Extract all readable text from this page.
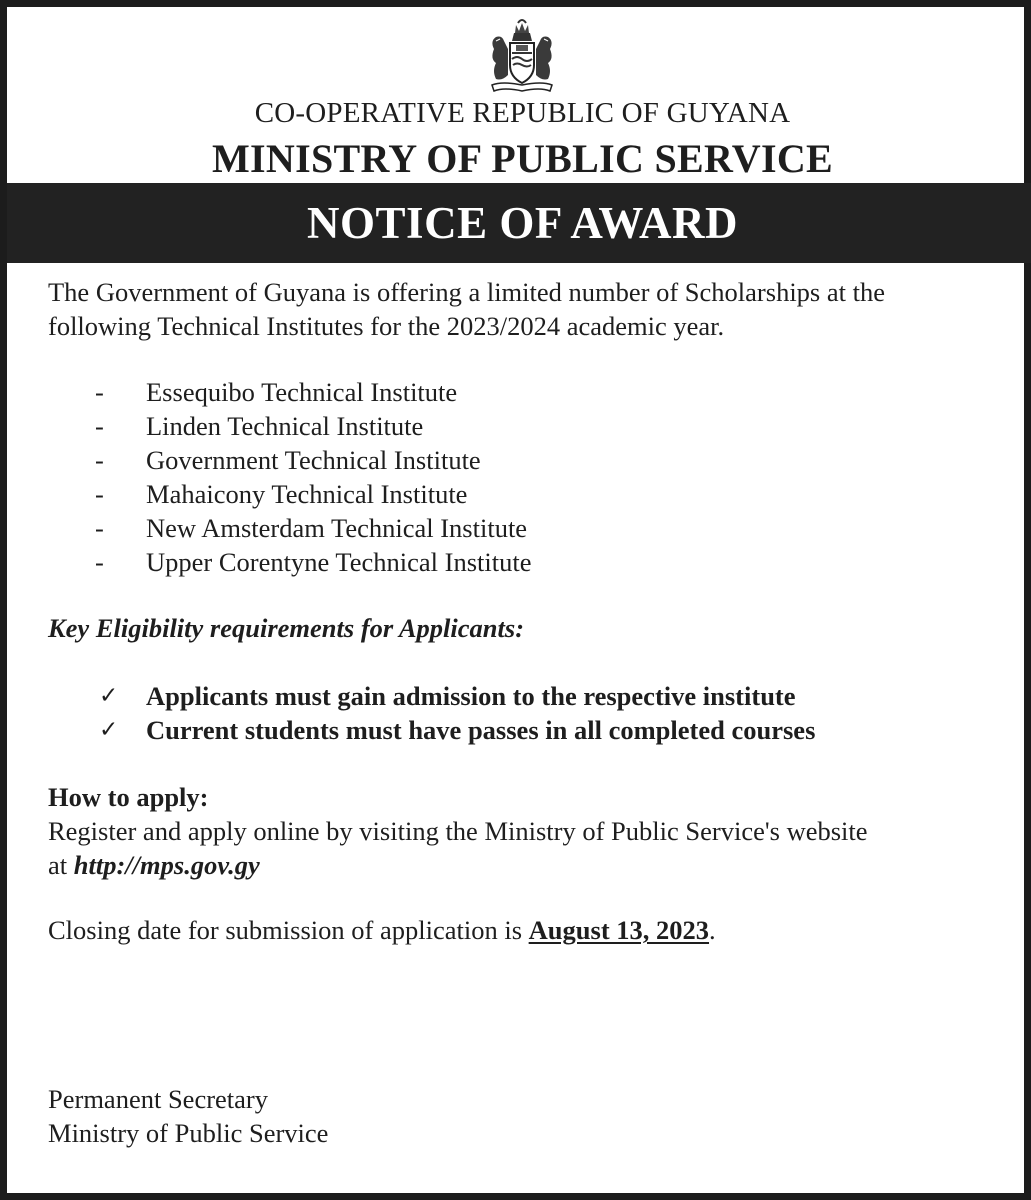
CO-OPERATIVE REPUBLIC OF GUYANA
MINISTRY OF PUBLIC SERVICE
NOTICE OF AWARD
The Government of Guyana is offering a limited number of Scholarships at the
following Technical Institutes for the 2023/2024 academic year.
- Essequibo Technical Institute
- Linden Technical Institute
- Government Technical Institute
- Mahaicony Technical Institute
- New Amsterdam Technical Institute
- Upper Corentyne Technical Institute
Key Eligibility requirements for Applicants:
✓ Applicants must gain admission to the respective institute
✓ Current students must have passes in all completed courses
How to apply:
Register and apply online by visiting the Ministry of Public Service's website
at http://mps.gov.gy
Closing date for submission of application is August 13, 2023.
Permanent Secretary
Ministry of Public Service
